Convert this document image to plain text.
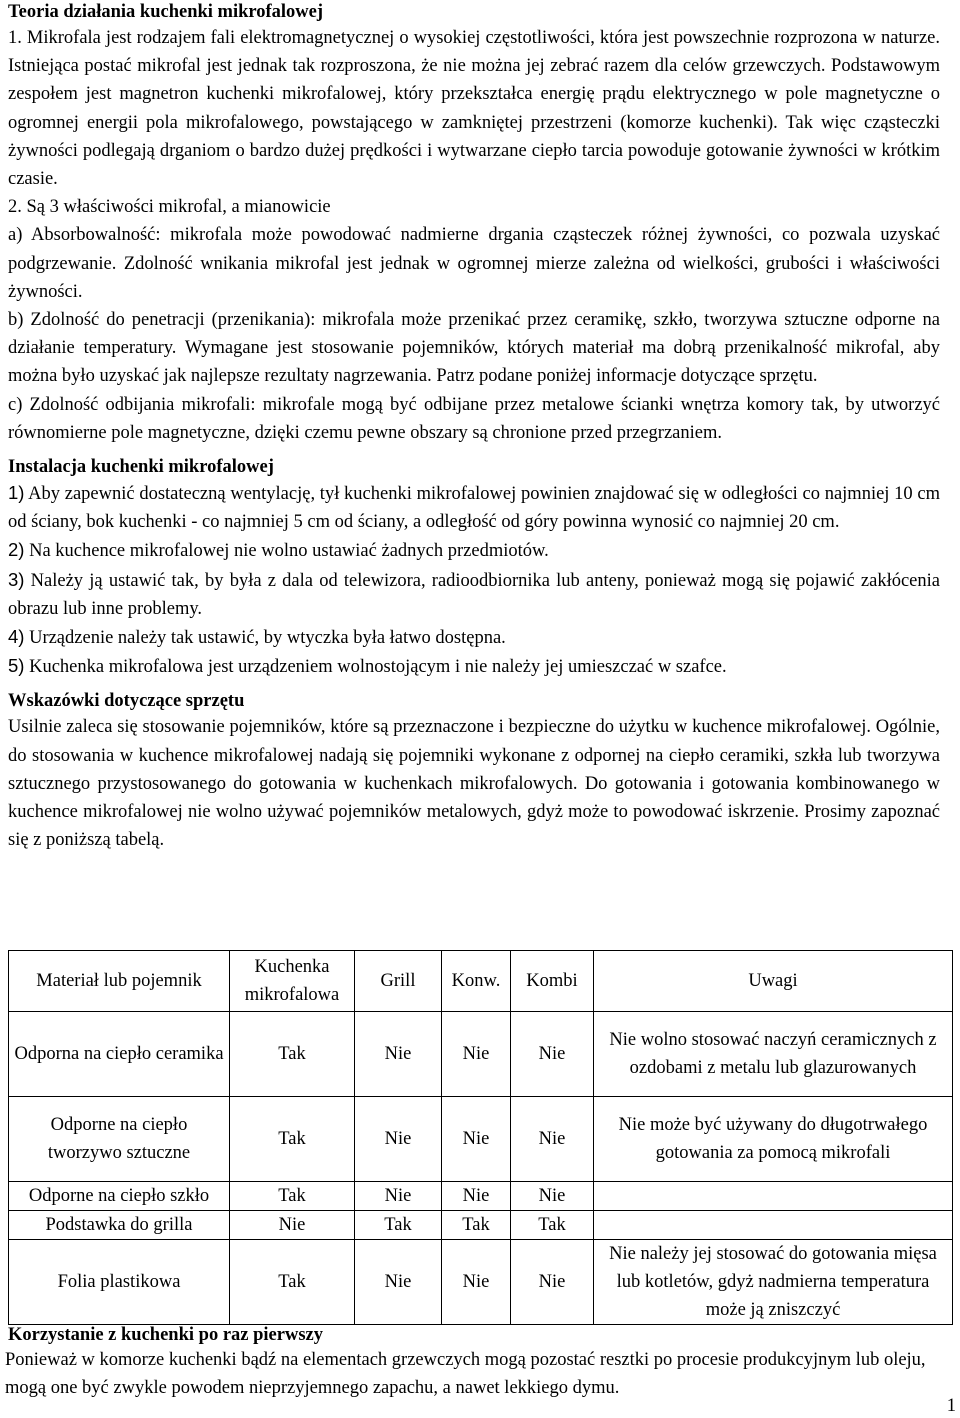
Teoria działania kuchenki mikrofalowej

1. Mikrofala jest rodzajem fali elektromagnetycznej o wysokiej częstotliwości, która jest powszechnie rozprozona w naturze. Istniejąca postać mikrofal jest jednak tak rozproszona, że nie można jej zebrać razem dla celów grzewczych. Podstawowym zespołem jest magnetron kuchenki mikrofalowej, który przekształca energię prądu elektrycznego w pole magnetyczne o ogromnej energii pola mikrofalowego, powstającego w zamkniętej przestrzeni (komorze kuchenki). Tak więc cząsteczki żywności podlegają drganiom o bardzo dużej prędkości i wytwarzane ciepło tarcia powoduje gotowanie żywności w krótkim czasie.

2. Są 3 właściwości mikrofal, a mianowicie

a) Absorbowalność: mikrofala może powodować nadmierne drgania cząsteczek różnej żywności, co pozwala uzyskać podgrzewanie. Zdolność wnikania mikrofal jest jednak w ogromnej mierze zależna od wielkości, grubości i właściwości żywności.

b) Zdolność do penetracji (przenikania): mikrofala może przenikać przez ceramikę, szkło, tworzywa sztuczne odporne na działanie temperatury. Wymagane jest stosowanie pojemników, których materiał ma dobrą przenikalność mikrofal, aby można było uzyskać jak najlepsze rezultaty nagrzewania. Patrz podane poniżej informacje dotyczące sprzętu.

c) Zdolność odbijania mikrofali: mikrofale mogą być odbijane przez metalowe ścianki wnętrza komory tak, by utworzyć równomierne pole magnetyczne, dzięki czemu pewne obszary są chronione przed przegrzaniem.

Instalacja kuchenki mikrofalowej

1) Aby zapewnić dostateczną wentylację, tył kuchenki mikrofalowej powinien znajdować się w odległości co najmniej 10 cm od ściany, bok kuchenki - co najmniej 5 cm od ściany, a odległość od góry powinna wynosić co najmniej 20 cm.

2) Na kuchence mikrofalowej nie wolno ustawiać żadnych przedmiotów.

3) Należy ją ustawić tak, by była z dala od telewizora, radioodbiornika lub anteny, ponieważ mogą się pojawić zakłócenia obrazu lub inne problemy.

4) Urządzenie należy tak ustawić, by wtyczka była łatwo dostępna.

5) Kuchenka mikrofalowa jest urządzeniem wolnostojącym i nie należy jej umieszczać w szafce.

Wskazówki dotyczące sprzętu

Usilnie zaleca się stosowanie pojemników, które są przeznaczone i bezpieczne do użytku w kuchence mikrofalowej. Ogólnie, do stosowania w kuchence mikrofalowej nadają się pojemniki wykonane z odpornej na ciepło ceramiki, szkła lub tworzywa sztucznego przystosowanego do gotowania w kuchenkach mikrofalowych. Do gotowania i gotowania kombinowanego w kuchence mikrofalowej nie wolno używać pojemników metalowych, gdyż może to powodować iskrzenie. Prosimy zapoznać się z poniższą tabelą.

Materiał lub pojemnik	Kuchenka mikrofalowa	Grill	Konw.	Kombi	Uwagi
Odporna na ciepło ceramika	Tak	Nie	Nie	Nie	Nie wolno stosować naczyń ceramicznych z ozdobami z metalu lub glazurowanych
Odporne na ciepło tworzywo sztuczne	Tak	Nie	Nie	Nie	Nie może być używany do długotrwałego gotowania za pomocą mikrofali
Odporne na ciepło szkło	Tak	Nie	Nie	Nie	
Podstawka do grilla	Nie	Tak	Tak	Tak	
Folia plastikowa	Tak	Nie	Nie	Nie	Nie należy jej stosować do gotowania mięsa lub kotletów, gdyż nadmierna temperatura może ją zniszczyć
Korzystanie z kuchenki po raz pierwszy

Ponieważ w komorze kuchenki bądź na elementach grzewczych mogą pozostać resztki po procesie produkcyjnym lub oleju, mogą one być zwykle powodem nieprzyjemnego zapachu, a nawet lekkiego dymu.

1
